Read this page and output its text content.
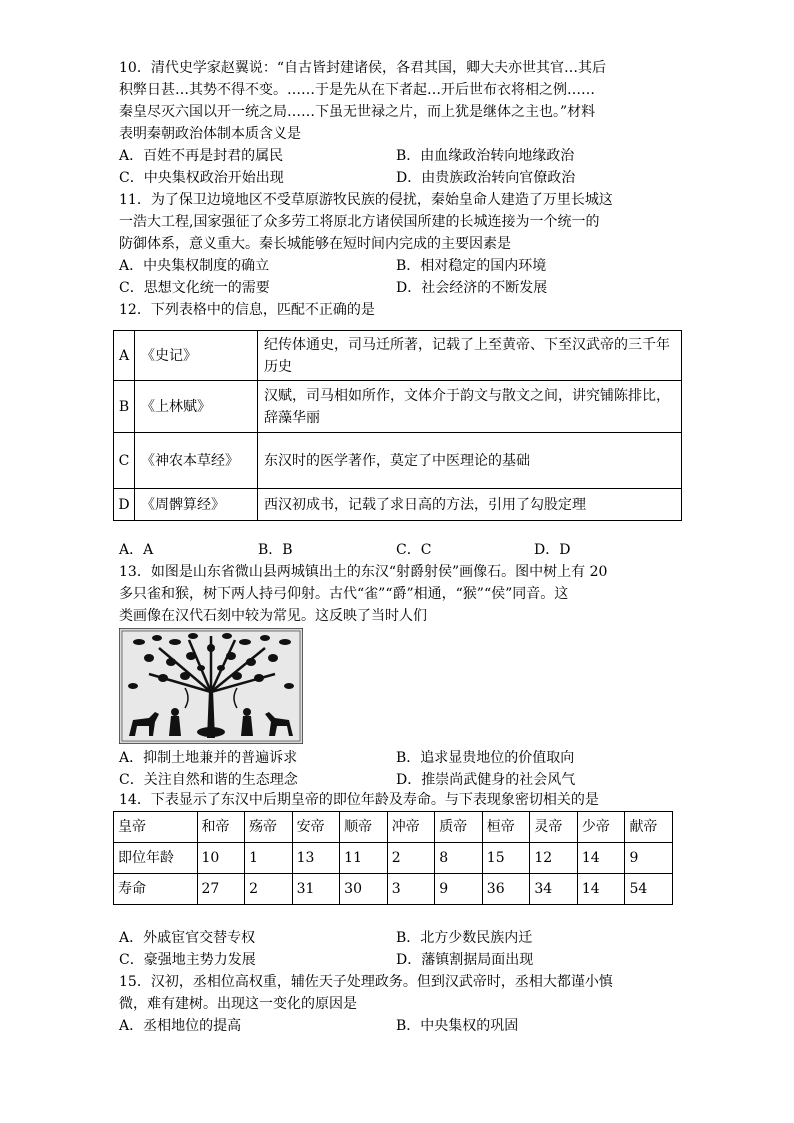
10．清代史学家赵翼说：“自古皆封建诸侯，各君其国，卿大夫亦世其官…其后
积弊日甚…其势不得不变。……于是先从在下者起…开后世布衣将相之例……
秦皇尽灭六国以开一统之局……下虽无世禄之片，而上犹是继体之主也。”材料
表明秦朝政治体制本质含义是
A．百姓不再是封君的属民	B．由血缘政治转向地缘政治
C．中央集权政治开始出现	D．由贵族政治转向官僚政治
11．为了保卫边境地区不受草原游牧民族的侵扰，秦始皇命人建造了万里长城这
一浩大工程,国家强征了众多劳工将原北方诸侯国所建的长城连接为一个统一的
防御体系，意义重大。秦长城能够在短时间内完成的主要因素是
A．中央集权制度的确立	B．相对稳定的国内环境
C．思想文化统一的需要	D．社会经济的不断发展
12．下列表格中的信息，匹配不正确的是
A	《史记》	纪传体通史，司马迁所著，记载了上至黄帝、下至汉武帝的三千年历史
B	《上林赋》	汉赋，司马相如所作，文体介于韵文与散文之间，讲究铺陈排比，辞藻华丽
C	《神农本草经》	东汉时的医学著作，莫定了中医理论的基础
D	《周髀算经》	西汉初成书，记载了求日高的方法，引用了勾股定理
A．A	B．B	C．C	D．D
13．如图是山东省微山县两城镇出土的东汉“射爵射侯”画像石。图中树上有 20
多只雀和猴，树下两人持弓仰射。古代“雀”“爵”相通，“猴”“侯”同音。这
类画像在汉代石刻中较为常见。这反映了当时人们
A．抑制土地兼并的普遍诉求	B．追求显贵地位的价值取向
C．关注自然和谐的生态理念	D．推崇尚武健身的社会风气
14．下表显示了东汉中后期皇帝的即位年龄及寿命。与下表现象密切相关的是
皇帝	和帝	殇帝	安帝	顺帝	冲帝	质帝	桓帝	灵帝	少帝	献帝
即位年龄	10	1	13	11	2	8	15	12	14	9
寿命	27	2	31	30	3	9	36	34	14	54
A．外戚宦官交替专权	B．北方少数民族内迁
C．豪强地主势力发展	D．藩镇割据局面出现
15．汉初，丞相位高权重，辅佐天子处理政务。但到汉武帝时，丞相大都谨小慎
微，难有建树。出现这一变化的原因是
A．丞相地位的提高	B．中央集权的巩固
